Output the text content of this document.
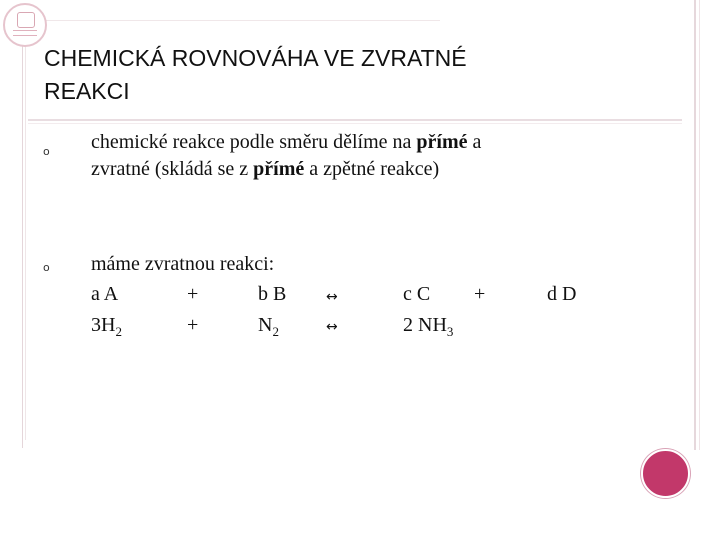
CHEMICKÁ ROVNOVÁHA VE ZVRATNÉ
REAKCI
o chemické reakce podle směru dělíme na přímé a
zvratné (skládá se z přímé a zpětné reakce)
o máme zvratnou reakci:
a A	+	b B	↔	c C +	d D
$3H_2$	+	$N_2$	↔	2 $NH_3$
